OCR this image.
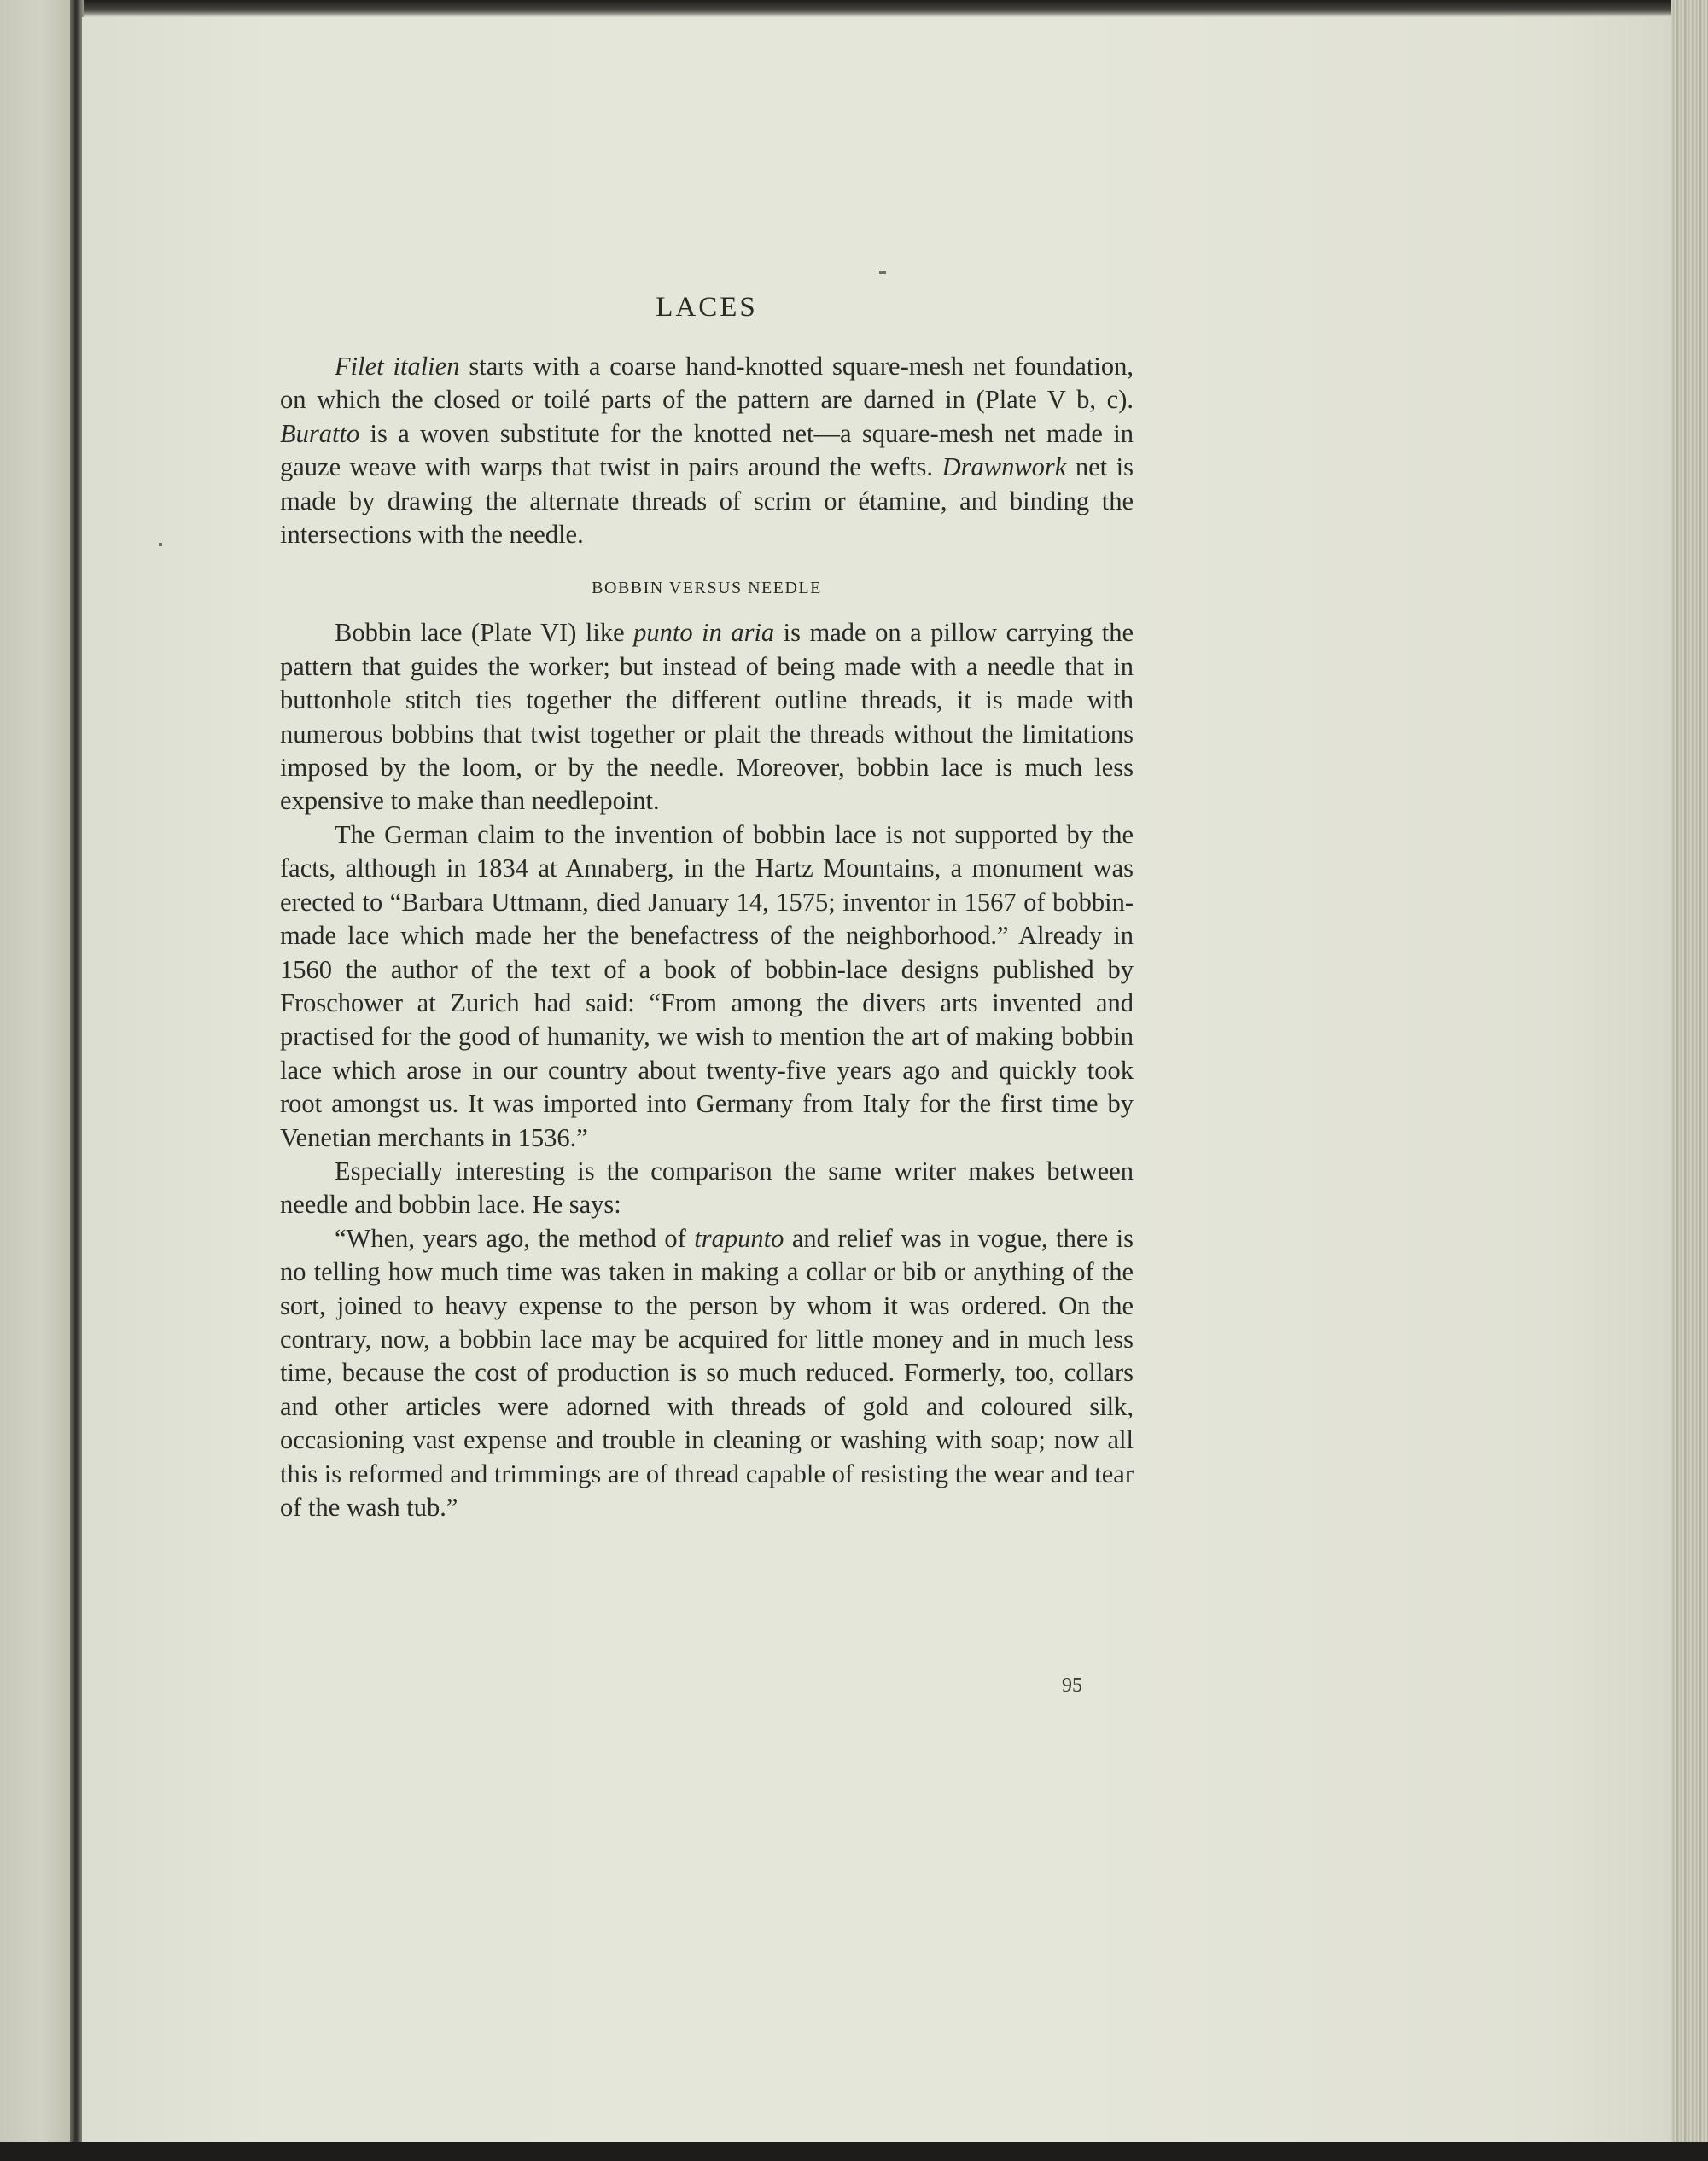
LACES

Filet italien starts with a coarse hand-knotted square-mesh net foundation, on which the closed or toilé parts of the pattern are darned in (Plate V b, c). Buratto is a woven substitute for the knotted net—a square-mesh net made in gauze weave with warps that twist in pairs around the wefts. Drawnwork net is made by drawing the alternate threads of scrim or étamine, and binding the intersections with the needle.

BOBBIN VERSUS NEEDLE

Bobbin lace (Plate VI) like punto in aria is made on a pillow carrying the pattern that guides the worker; but instead of being made with a needle that in buttonhole stitch ties together the different outline threads, it is made with numerous bobbins that twist together or plait the threads without the limitations imposed by the loom, or by the needle. Moreover, bobbin lace is much less expensive to make than needlepoint.

The German claim to the invention of bobbin lace is not supported by the facts, although in 1834 at Annaberg, in the Hartz Mountains, a monument was erected to “Barbara Uttmann, died January 14, 1575; inventor in 1567 of bobbin-made lace which made her the benefactress of the neighborhood.” Already in 1560 the author of the text of a book of bobbin-lace designs published by Froschower at Zurich had said: “From among the divers arts invented and practised for the good of humanity, we wish to mention the art of making bobbin lace which arose in our country about twenty-five years ago and quickly took root amongst us. It was imported into Germany from Italy for the first time by Venetian merchants in 1536.”

Especially interesting is the comparison the same writer makes between needle and bobbin lace. He says:

“When, years ago, the method of trapunto and relief was in vogue, there is no telling how much time was taken in making a collar or bib or anything of the sort, joined to heavy expense to the person by whom it was ordered. On the contrary, now, a bobbin lace may be acquired for little money and in much less time, because the cost of production is so much reduced. Formerly, too, collars and other articles were adorned with threads of gold and coloured silk, occasioning vast expense and trouble in cleaning or washing with soap; now all this is reformed and trimmings are of thread capable of resisting the wear and tear of the wash tub.”

95
